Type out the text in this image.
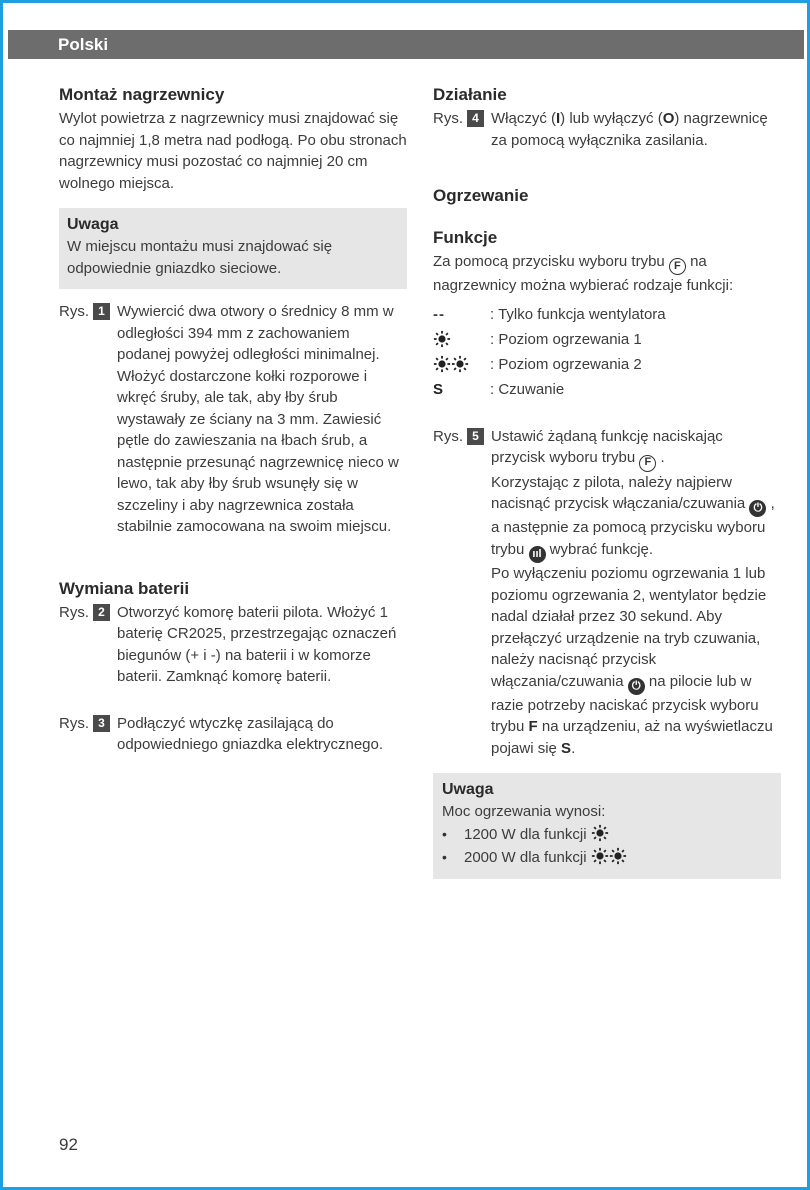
Polski
Montaż nagrzewnicy

Wylot powietrza z nagrzewnicy musi znajdować się co najmniej 1,8 metra nad podłogą. Po obu stronach nagrzewnicy musi pozostać co najmniej 20 cm wolnego miejsca.

Uwaga

W miejscu montażu musi znajdować się odpowiednie gniazdko sieciowe.

Rys. 1 Wywiercić dwa otwory o średnicy 8 mm w odległości 394 mm z zachowaniem podanej powyżej odległości minimalnej. Włożyć dostarczone kołki rozporowe i wkręć śruby, ale tak, aby łby śrub wystawały ze ściany na 3 mm. Zawiesić pętle do zawieszania na łbach śrub, a następnie przesunąć nagrzewnicę nieco w lewo, tak aby łby śrub wsunęły się w szczeliny i aby nagrzewnica została stabilnie zamocowana na swoim miejscu.
Wymiana baterii
Rys. 2 Otworzyć komorę baterii pilota. Włożyć 1 baterię CR2025, przestrzegając oznaczeń biegunów (+ i -) na baterii i w komorze baterii. Zamknąć komorę baterii.
Rys. 3 Podłączyć wtyczkę zasilającą do odpowiedniego gniazdka elektrycznego.
Działanie
Rys. 4 Włączyć (I) lub wyłączyć (O) nagrzewnicę za pomocą wyłącznika zasilania.
Ogrzewanie
Funkcje

Za pomocą przycisku wyboru trybu F na nagrzewnicy można wybierać rodzaje funkcji:

--	: Tylko funkcja wentylatora
: Poziom ogrzewania 1
: Poziom ogrzewania 2
S	: Czuwanie
Rys. 5 Ustawić żądaną funkcję naciskając przycisk wyboru trybu F .
Korzystając z pilota, należy najpierw nacisnąć przycisk włączania/czuwania ⏻ , a następnie za pomocą przycisku wyboru trybu ııl wybrać funkcję.
Po wyłączeniu poziomu ogrzewania 1 lub poziomu ogrzewania 2, wentylator będzie nadal działał przez 30 sekund. Aby przełączyć urządzenie na tryb czuwania, należy nacisnąć przycisk włączania/czuwania ⏻ na pilocie lub w razie potrzeby naciskać przycisk wyboru trybu F na urządzeniu, aż na wyświetlaczu pojawi się S.
Uwaga

Moc ogrzewania wynosi:

• 1200 W dla funkcji
• 2000 W dla funkcji
92
